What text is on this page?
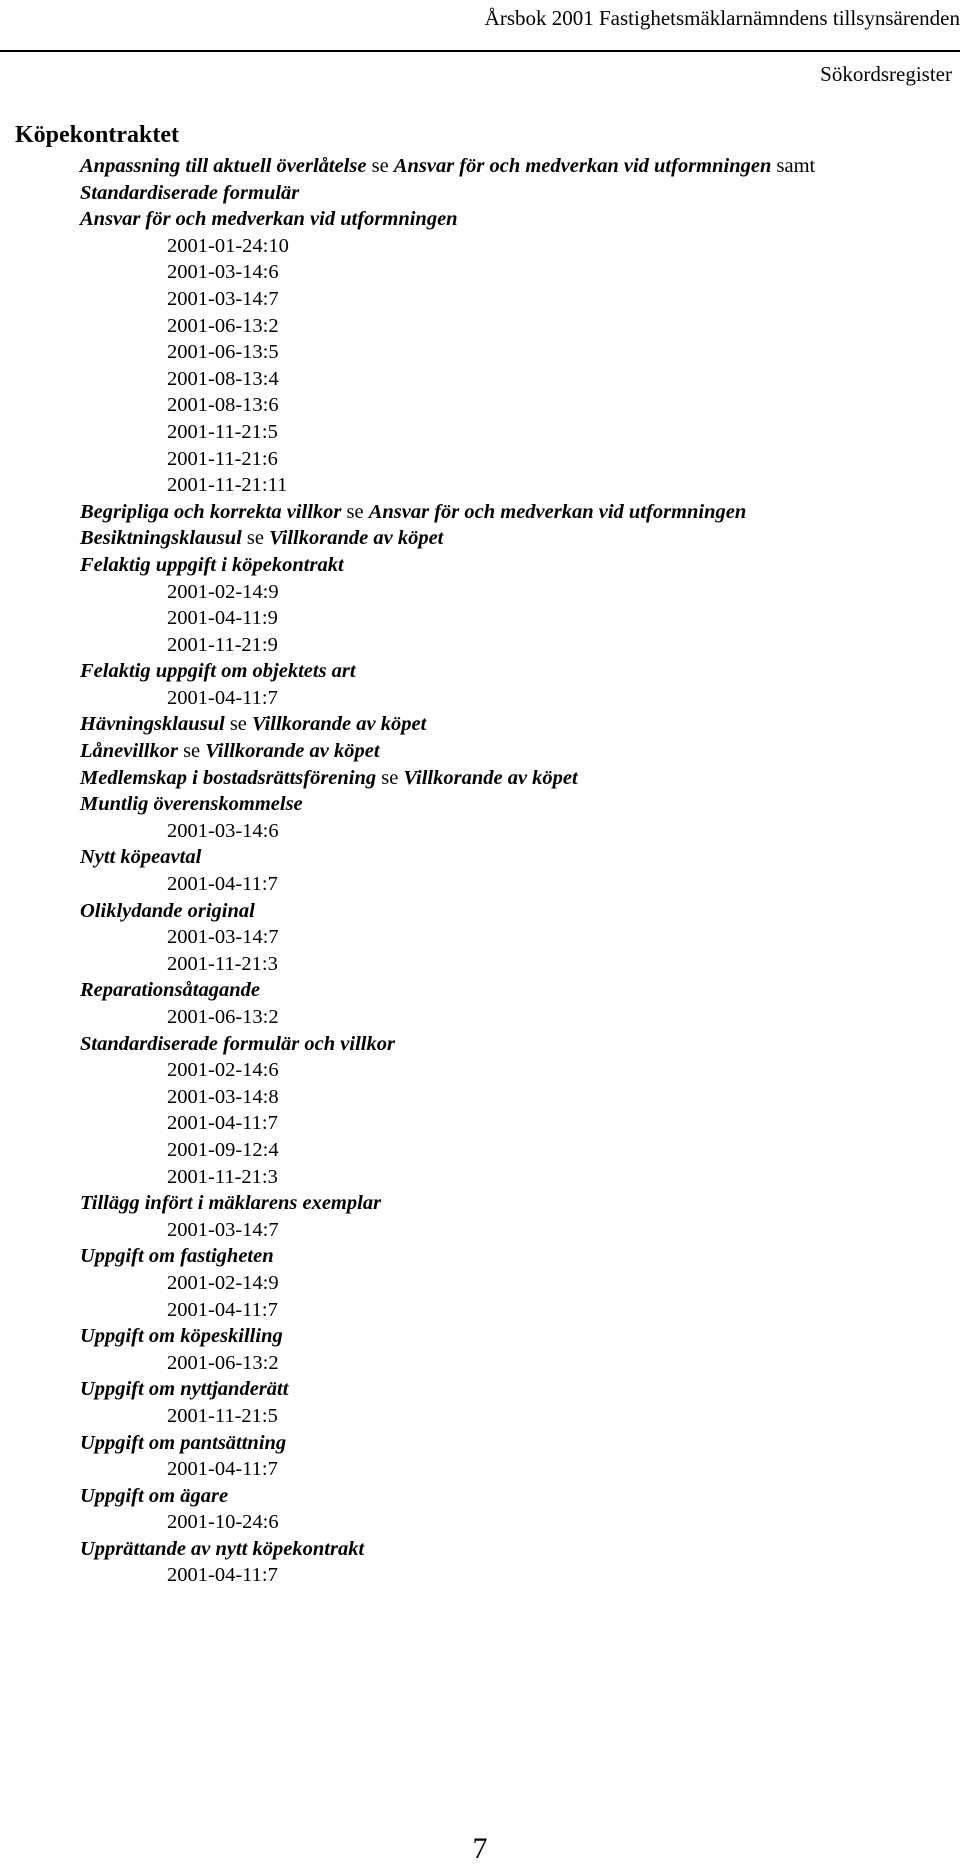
Årsbok 2001 Fastighetsmäklarnämndens tillsynsärenden
Sökordsregister
Köpekontraktet
Anpassning till aktuell överlåtelse se Ansvar för och medverkan vid utformningen samt
Standardiserade formulär
Ansvar för och medverkan vid utformningen
2001-01-24:10
2001-03-14:6
2001-03-14:7
2001-06-13:2
2001-06-13:5
2001-08-13:4
2001-08-13:6
2001-11-21:5
2001-11-21:6
2001-11-21:11
Begripliga och korrekta villkor se Ansvar för och medverkan vid utformningen
Besiktningsklausul se Villkorande av köpet
Felaktig uppgift i köpekontrakt
2001-02-14:9
2001-04-11:9
2001-11-21:9
Felaktig uppgift om objektets art
2001-04-11:7
Hävningsklausul se Villkorande av köpet
Lånevillkor se Villkorande av köpet
Medlemskap i bostadsrättsförening se Villkorande av köpet
Muntlig överenskommelse
2001-03-14:6
Nytt köpeavtal
2001-04-11:7
Oliklydande original
2001-03-14:7
2001-11-21:3
Reparationsåtagande
2001-06-13:2
Standardiserade formulär och villkor
2001-02-14:6
2001-03-14:8
2001-04-11:7
2001-09-12:4
2001-11-21:3
Tillägg infört i mäklarens exemplar
2001-03-14:7
Uppgift om fastigheten
2001-02-14:9
2001-04-11:7
Uppgift om köpeskilling
2001-06-13:2
Uppgift om nyttjanderätt
2001-11-21:5
Uppgift om pantsättning
2001-04-11:7
Uppgift om ägare
2001-10-24:6
Upprättande av nytt köpekontrakt
2001-04-11:7
7
